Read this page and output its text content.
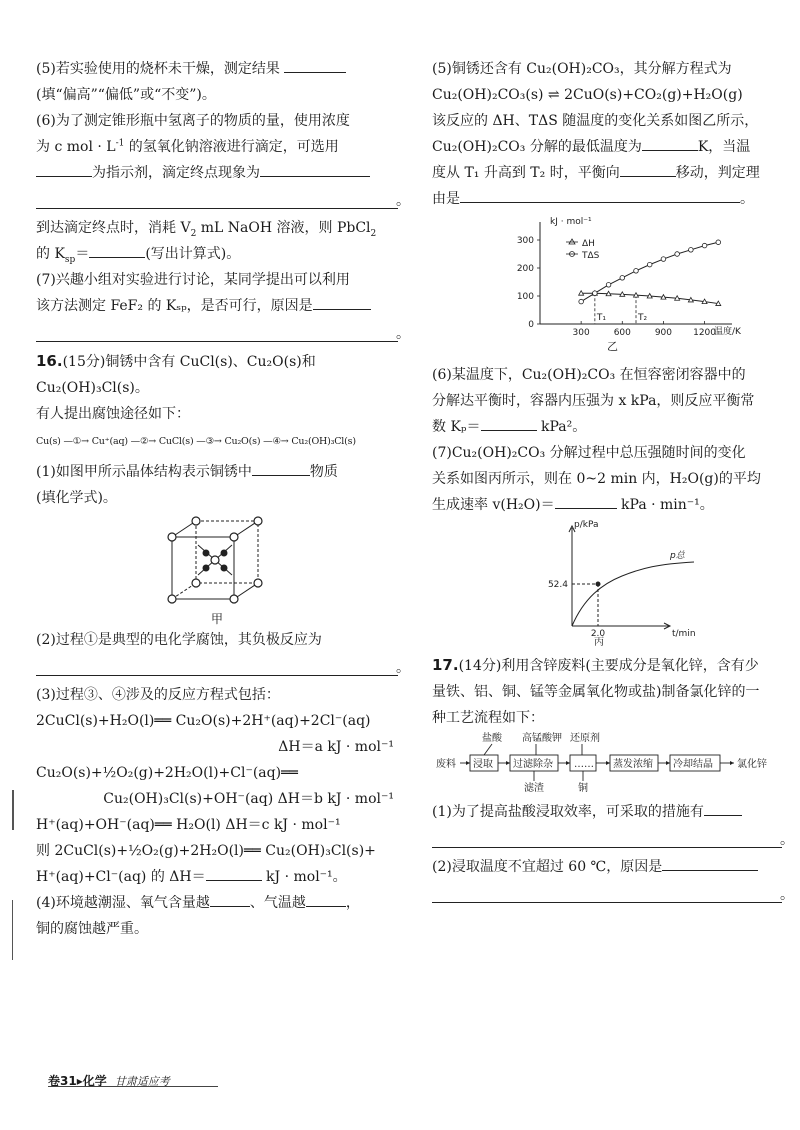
(5)若实验使用的烧杯未干燥，测定结果

(填“偏高”“偏低”或“不变”)。

(6)为了测定锥形瓶中氢离子的物质的量，使用浓度

为 c mol · $L^{-1}$ 的氢氧化钠溶液进行滴定，可选用

为指示剂，滴定终点现象为

。

到达滴定终点时，消耗 $V_2$ mL NaOH 溶液，则 PbCl$_2$

的 $K_{sp}=$	(写出计算式)。

(7)兴趣小组对实验进行讨论，某同学提出可以利用

该方法测定 FeF₂ 的 Kₛₚ，是否可行，原因是

。

16.(15分)铜锈中含有 CuCl(s)、Cu₂O(s)和 Cu₂(OH)₃Cl(s)。

有人提出腐蚀途径如下：

Cu(s) —①→ Cu⁺(aq) —②→ CuCl(s) —③→ Cu₂O(s) —④→ Cu₂(OH)₃Cl(s)

(1)如图甲所示晶体结构表示铜锈中	物质

(填化学式)。

甲

(2)过程①是典型的电化学腐蚀，其负极反应为

。

(3)过程③、④涉及的反应方程式包括：

2CuCl(s)+H₂O(l)══ Cu₂O(s)+2H⁺(aq)+2Cl⁻(aq)

ΔH＝a kJ · mol⁻¹

Cu₂O(s)+½O₂(g)+2H₂O(l)+Cl⁻(aq)══

Cu₂(OH)₃Cl(s)+OH⁻(aq) ΔH＝b kJ · mol⁻¹

H⁺(aq)+OH⁻(aq)══ H₂O(l) ΔH＝c kJ · mol⁻¹

则 2CuCl(s)+½O₂(g)+2H₂O(l)══ Cu₂(OH)₃Cl(s)+

H⁺(aq)+Cl⁻(aq) 的 ΔH＝	kJ · mol⁻¹。

(4)环境越潮湿、氧气含量越	、气温越	，

铜的腐蚀越严重。

(5)铜锈还含有 Cu₂(OH)₂CO₃，其分解方程式为

Cu₂(OH)₂CO₃(s) ⇌ 2CuO(s)+CO₂(g)+H₂O(g)

该反应的 ΔH、TΔS 随温度的变化关系如图乙所示，

Cu₂(OH)₂CO₃ 分解的最低温度为	K，当温

度从 T₁ 升高到 T₂ 时，平衡向	移动，判定理

由是	。

kJ · mol⁻¹
300
200
100
0
300	600	900 1200
温度/K
ΔH
TΔS
T₁	T₂
乙

(6)某温度下，Cu₂(OH)₂CO₃ 在恒容密闭容器中的

分解达平衡时，容器内压强为 x kPa，则反应平衡常

数 Kₚ＝	kPa²。

(7)Cu₂(OH)₂CO₃ 分解过程中总压强随时间的变化

关系如图丙所示，则在 0~2 min 内，H₂O(g)的平均

生成速率 v(H₂O)＝	kPa · min⁻¹。

p/kPa
52.4
2.0	t/min
p总
丙

17.(14分)利用含锌废料(主要成分是氧化锌，含有少

量铁、铝、铜、锰等金属氧化物或盐)制备氯化锌的一

种工艺流程如下：

盐酸 高锰酸钾 还原剂
废料 浸取 过滤除杂 …… 蒸发浓缩 冷却结晶 氯化锌
滤渣	铜

(1)为了提高盐酸浸取效率，可采取的措施有

。

(2)浸取温度不宜超过 60 ℃，原因是

。
卷31▸化学 甘肃适应考
